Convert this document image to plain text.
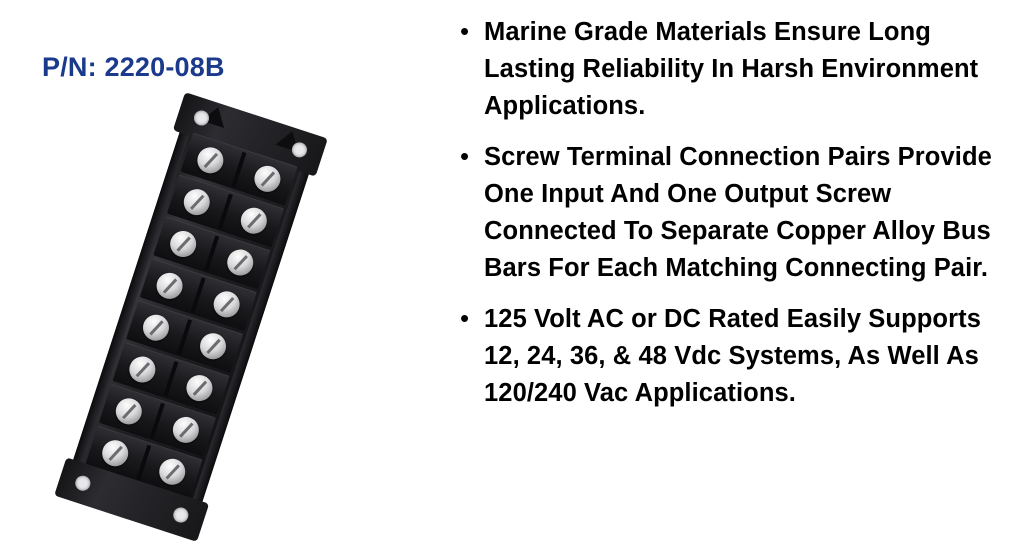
P/N: 2220-08B
• Marine Grade Materials Ensure Long Lasting Reliability In Harsh Environment Applications.
• Screw Terminal Connection Pairs Provide One Input And One Output Screw Connected To Separate Copper Alloy Bus Bars For Each Matching Connecting Pair.
• 125 Volt AC or DC Rated Easily Supports 12, 24, 36, & 48 Vdc Systems, As Well As 120/240 Vac Applications.
